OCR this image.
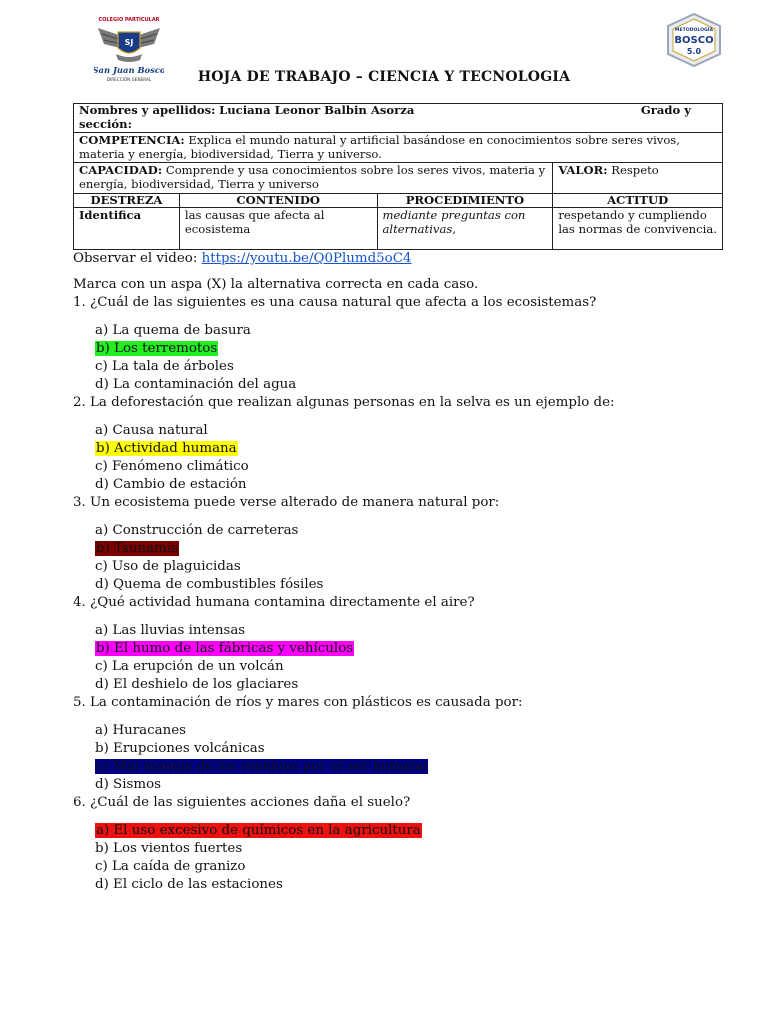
COLEGIO PARTICULAR
SJ
San Juan Bosco
DIRECCIÓN GENERAL
METODOLOGÍA
BOSCO
5.0
HOJA DE TRABAJO – CIENCIA Y TECNOLOGIA
Nombres y apellidos: Luciana Leonor Balbin Asorza Grado y
sección:			

COMPETENCIA: Explica el mundo natural y artificial basándose en conocimientos sobre seres vivos, materia y energía, biodiversidad, Tierra y universo.			
CAPACIDAD: Comprende y usa conocimientos sobre los seres vivos, materia y energía, biodiversidad, Tierra y universo			VALOR: Respeto
DESTREZA	CONTENIDO	PROCEDIMIENTO	ACTITUD
Identifica	las causas que afecta al ecosistema	mediante preguntas con alternativas,	respetando y cumpliendo las normas de convivencia.

Observar el video: https://youtu.be/Q0Plumd5oC4

Marca con un aspa (X) la alternativa correcta en cada caso.

1. ¿Cuál de las siguientes es una causa natural que afecta a los ecosistemas?

a) La quema de basura
b) Los terremotos
c) La tala de árboles
d) La contaminación del agua

2. La deforestación que realizan algunas personas en la selva es un ejemplo de:

a) Causa natural
b) Actividad humana
c) Fenómeno climático
d) Cambio de estación

3. Un ecosistema puede verse alterado de manera natural por:

a) Construcción de carreteras
b) Tsunamis
c) Uso de plaguicidas
d) Quema de combustibles fósiles

4. ¿Qué actividad humana contamina directamente el aire?

a) Las lluvias intensas
b) El humo de las fábricas y vehículos
c) La erupción de un volcán
d) El deshielo de los glaciares

5. La contaminación de ríos y mares con plásticos es causada por:

a) Huracanes
b) Erupciones volcánicas
c) Mal manejo de los residuos por el ser humano
d) Sismos

6. ¿Cuál de las siguientes acciones daña el suelo?

a) El uso excesivo de químicos en la agricultura
b) Los vientos fuertes
c) La caída de granizo
d) El ciclo de las estaciones
